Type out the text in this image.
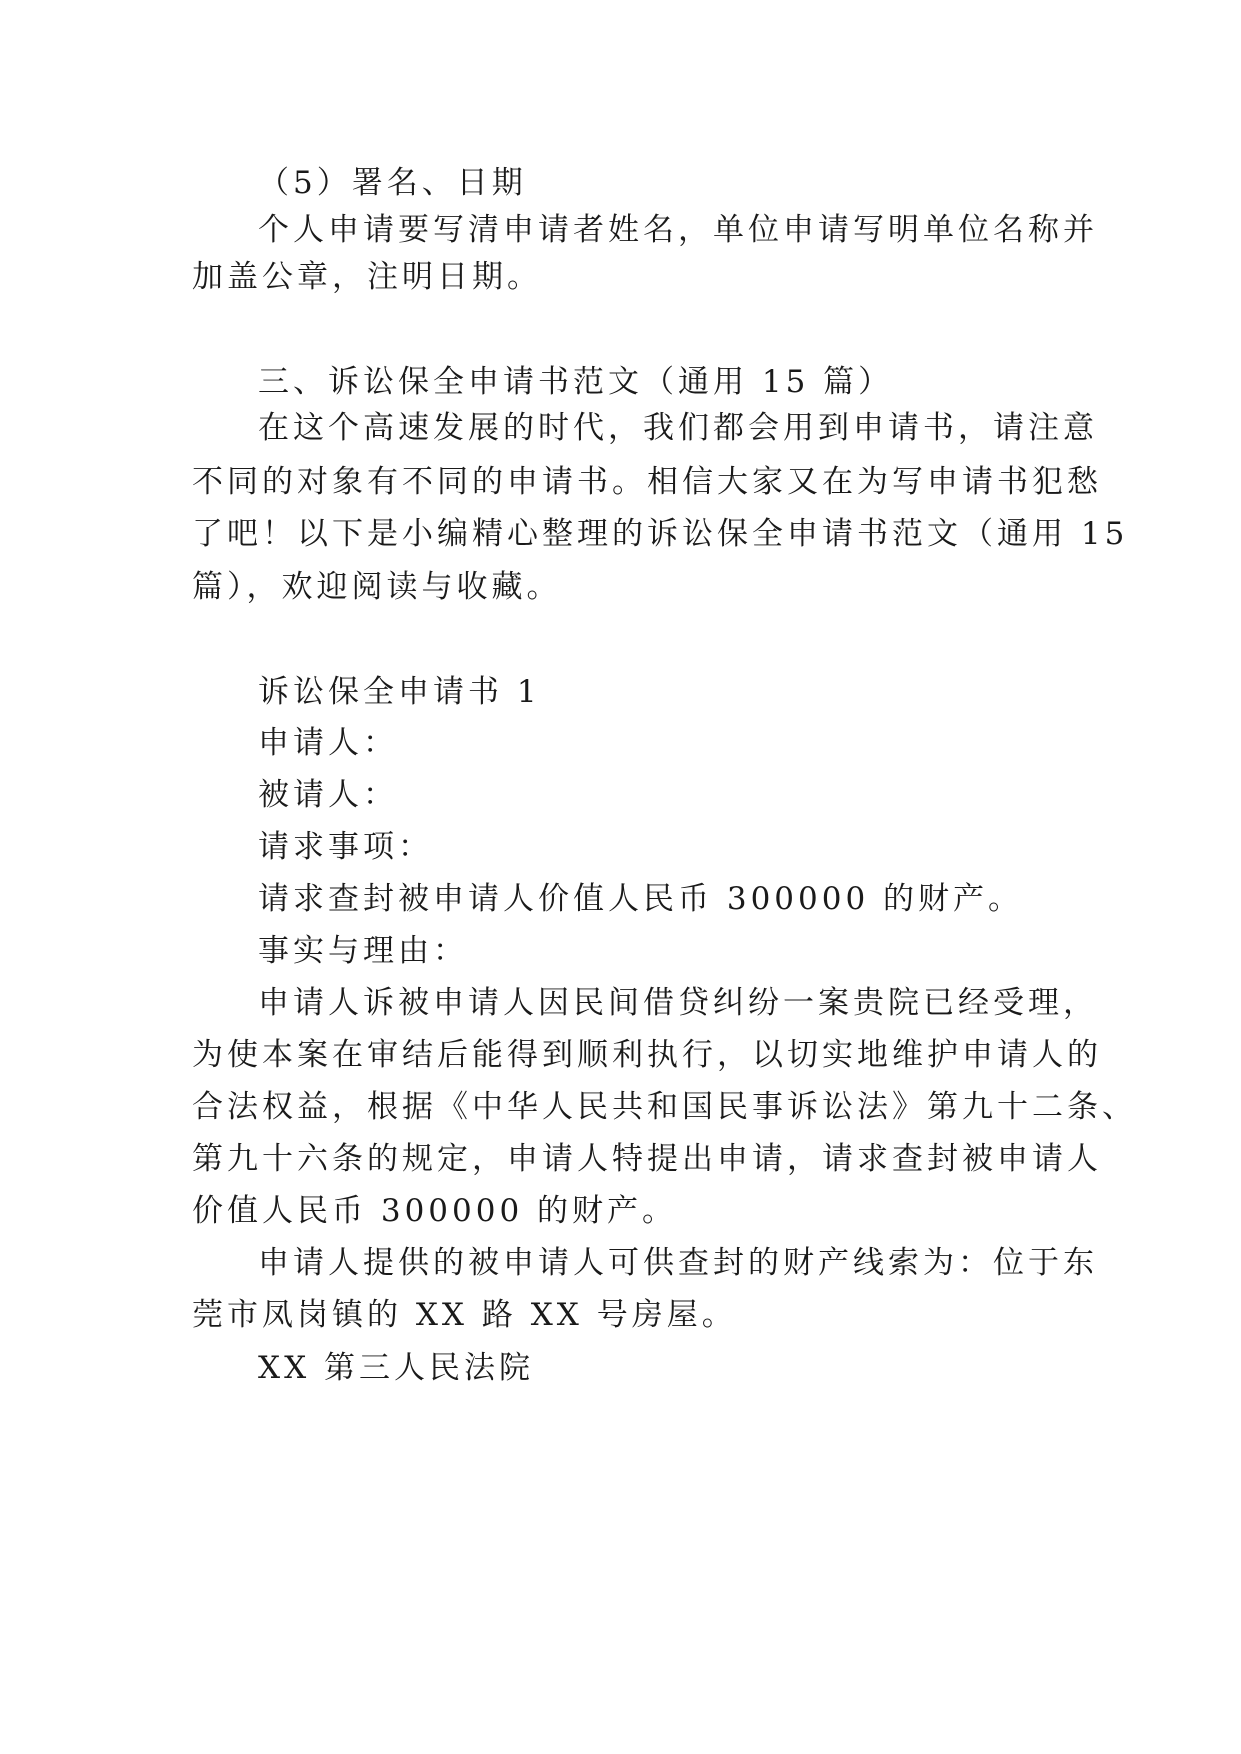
（5）署名、日期
个人申请要写清申请者姓名，单位申请写明单位名称并
加盖公章，注明日期。
三、诉讼保全申请书范文（通用 15 篇）
在这个高速发展的时代，我们都会用到申请书，请注意
不同的对象有不同的申请书。相信大家又在为写申请书犯愁
了吧！以下是小编精心整理的诉讼保全申请书范文（通用 15
篇），欢迎阅读与收藏。
诉讼保全申请书 1
申请人：
被请人：
请求事项：
请求查封被申请人价值人民币 300000 的财产。
事实与理由：
申请人诉被申请人因民间借贷纠纷一案贵院已经受理，
为使本案在审结后能得到顺利执行，以切实地维护申请人的
合法权益，根据《中华人民共和国民事诉讼法》第九十二条、
第九十六条的规定，申请人特提出申请，请求查封被申请人
价值人民币 300000 的财产。
申请人提供的被申请人可供查封的财产线索为：位于东
莞市凤岗镇的 XX 路 XX 号房屋。
XX 第三人民法院
